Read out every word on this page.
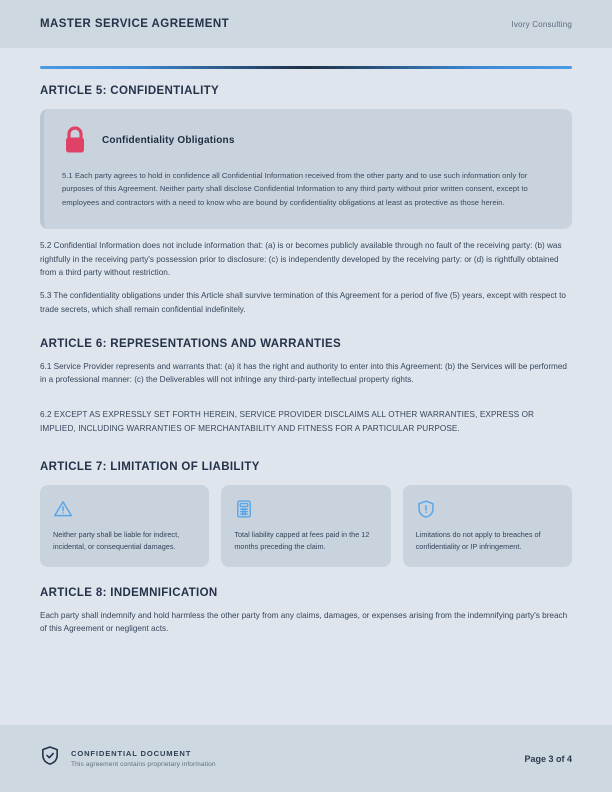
MASTER SERVICE AGREEMENT	Ivory Consulting
ARTICLE 5: CONFIDENTIALITY
Confidentiality Obligations

5.1 Each party agrees to hold in confidence all Confidential Information received from the other party and to use such information only for purposes of this Agreement. Neither party shall disclose Confidential Information to any third party without prior written consent, except to employees and contractors with a need to know who are bound by confidentiality obligations at least as protective as those herein.

5.2 Confidential Information does not include information that: (a) is or becomes publicly available through no fault of the receiving party: (b) was rightfully in the receiving party's possession prior to disclosure: (c) is independently developed by the receiving party: or (d) is rightfully obtained from a third party without restriction.

5.3 The confidentiality obligations under this Article shall survive termination of this Agreement for a period of five (5) years, except with respect to trade secrets, which shall remain confidential indefinitely.

ARTICLE 6: REPRESENTATIONS AND WARRANTIES

6.1 Service Provider represents and warrants that: (a) it has the right and authority to enter into this Agreement: (b) the Services will be performed in a professional manner: (c) the Deliverables will not infringe any third-party intellectual property rights.

6.2 EXCEPT AS EXPRESSLY SET FORTH HEREIN, SERVICE PROVIDER DISCLAIMS ALL OTHER WARRANTIES, EXPRESS OR IMPLIED, INCLUDING WARRANTIES OF MERCHANTABILITY AND FITNESS FOR A PARTICULAR PURPOSE.

ARTICLE 7: LIMITATION OF LIABILITY
Neither party shall be liable for indirect, incidental, or consequential damages.
Total liability capped at fees paid in the 12 months preceding the claim.
Limitations do not apply to breaches of confidentiality or IP infringement.
ARTICLE 8: INDEMNIFICATION

Each party shall indemnify and hold harmless the other party from any claims, damages, or expenses arising from the indemnifying party's breach of this Agreement or negligent acts.

CONFIDENTIAL DOCUMENT
This agreement contains proprietary information
Page 3 of 4
